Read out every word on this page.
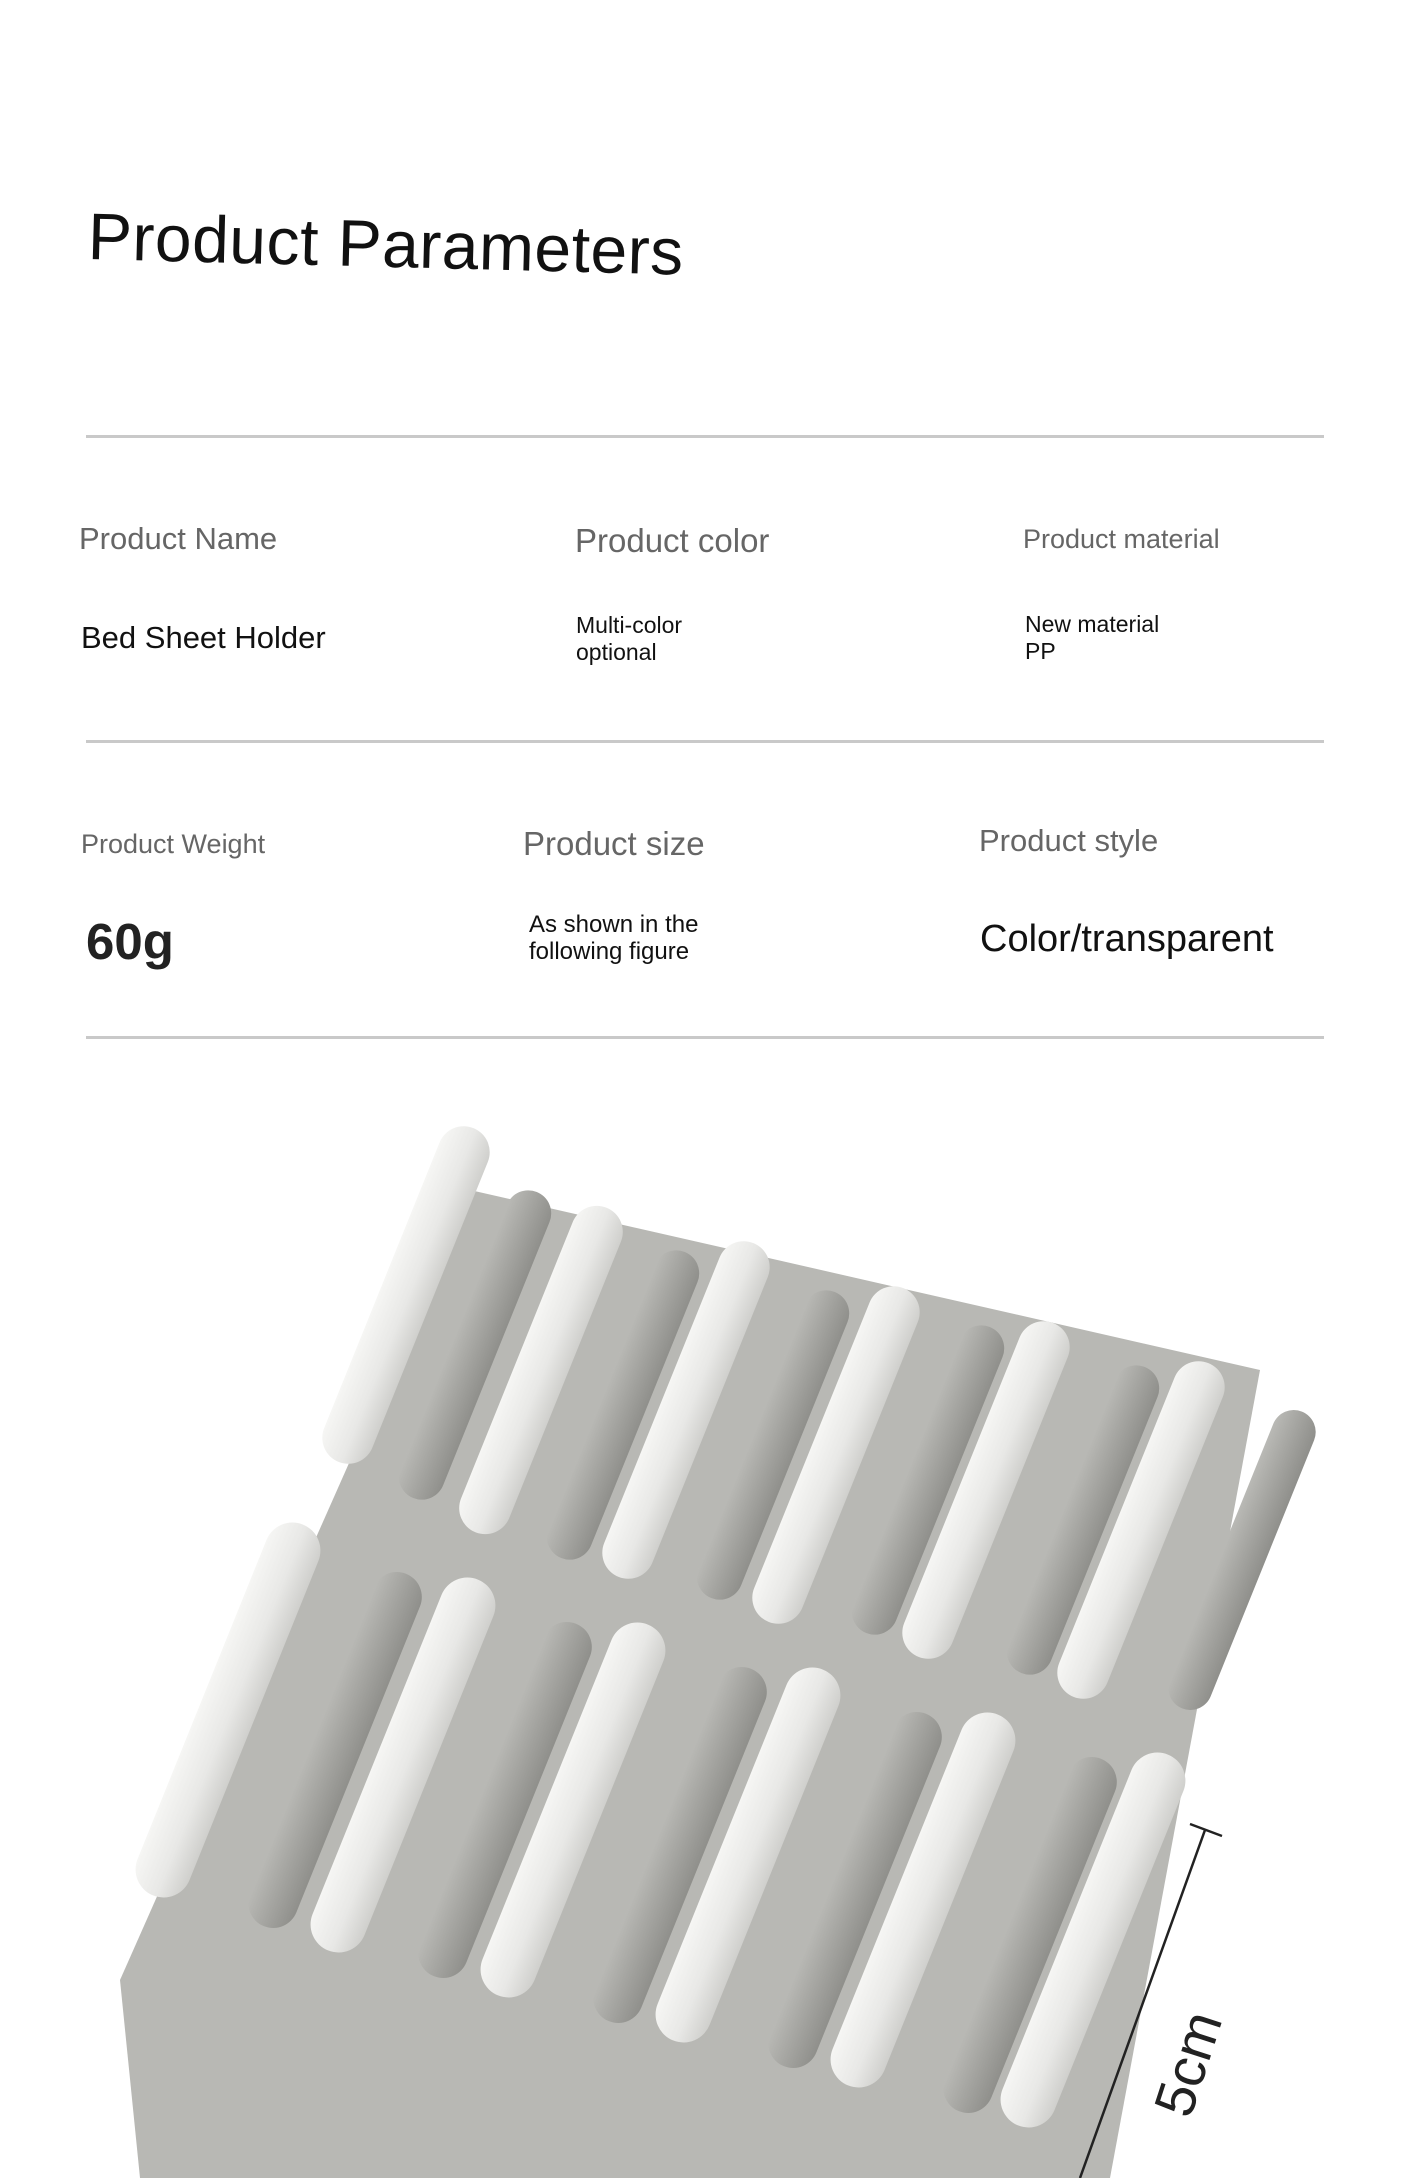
Product Parameters
Product Name
Bed Sheet Holder
Product color
Multi-color
optional
Product material
New material
PP
Product Weight
60g
Product size
As shown in the
following figure
Product style
Color/transparent
5cm
